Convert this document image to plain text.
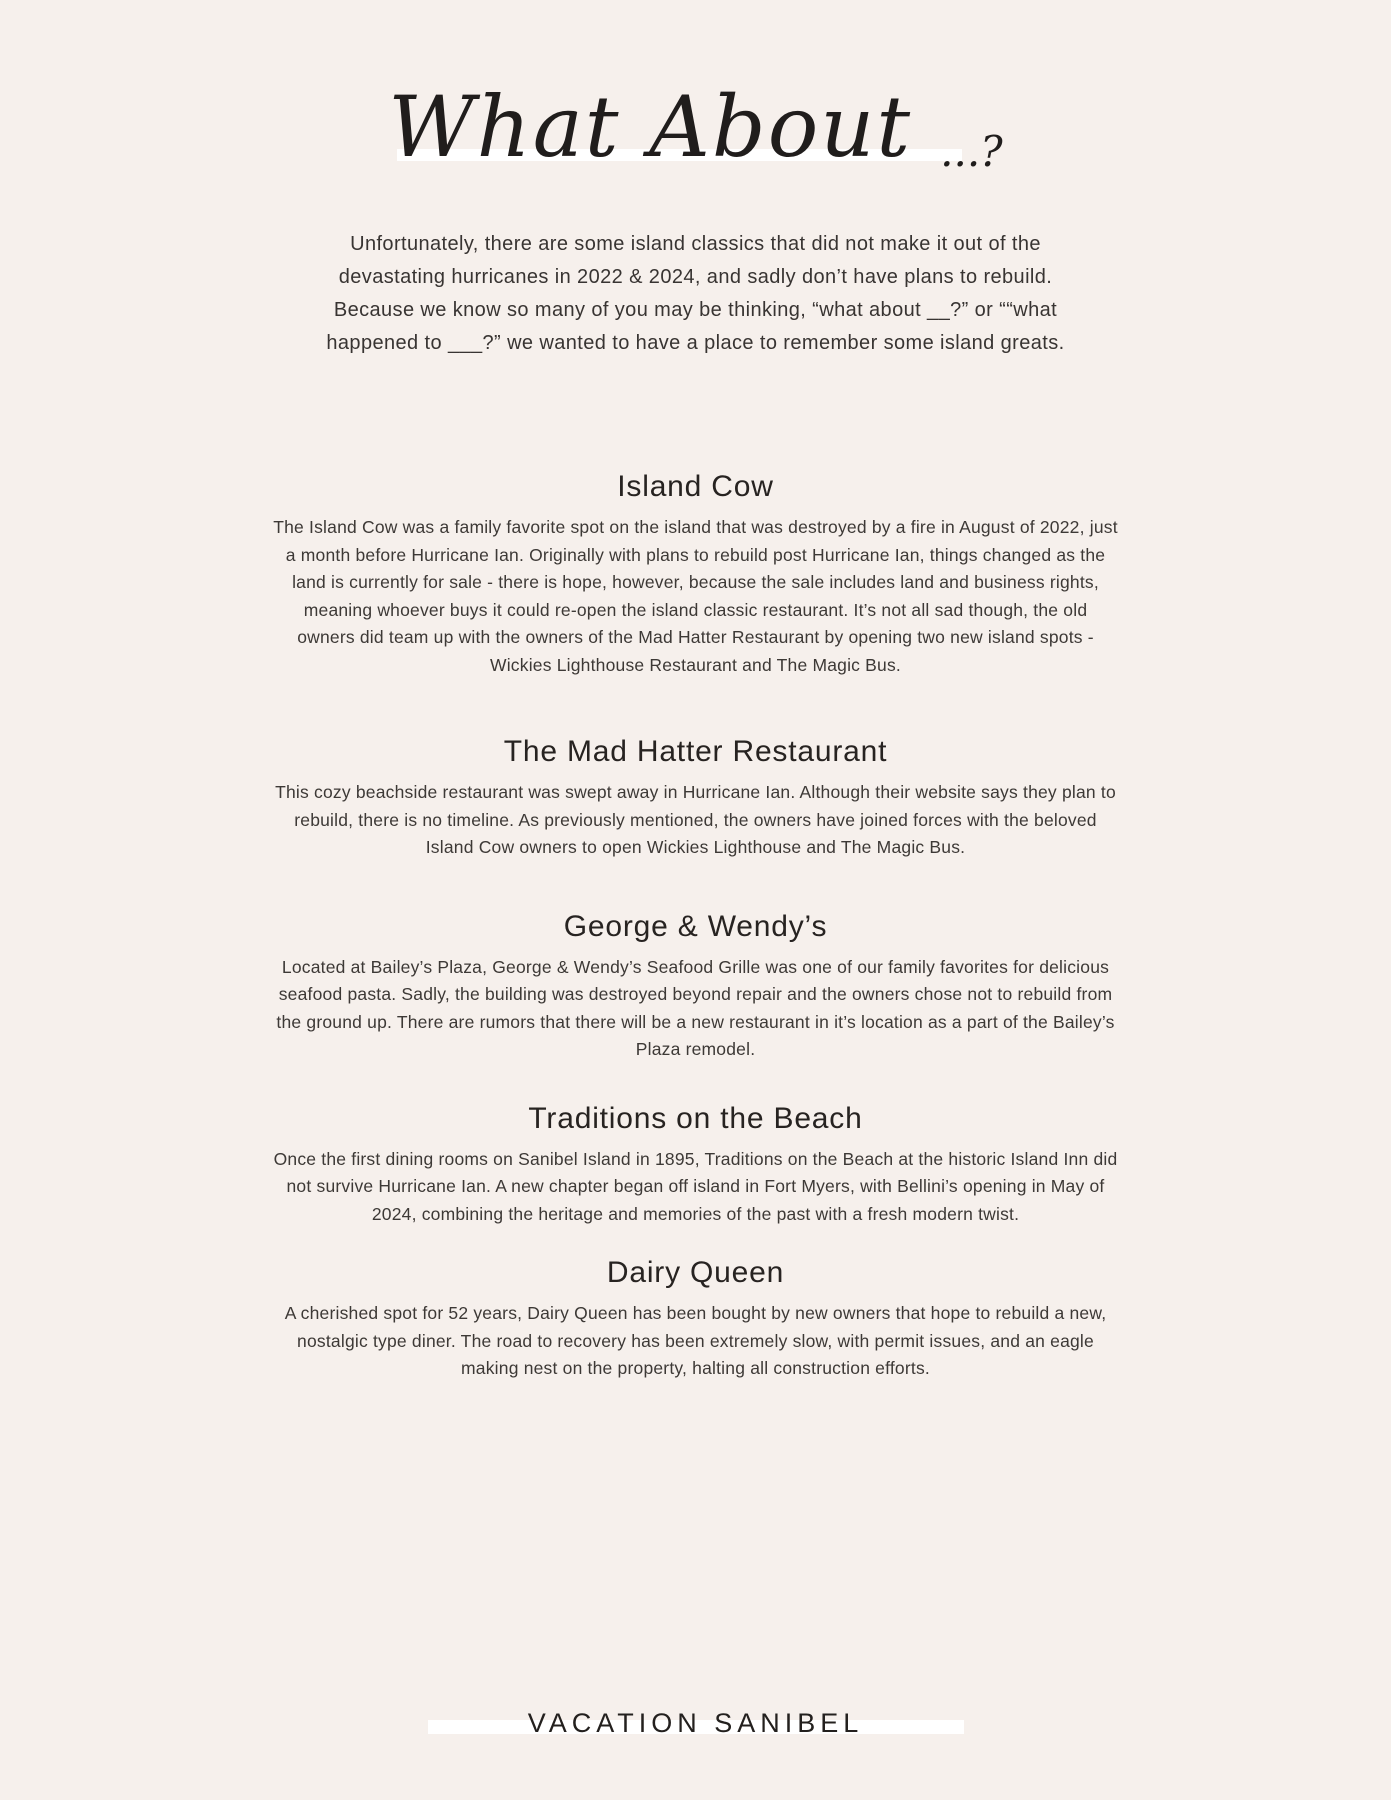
What About ...?

Unfortunately, there are some island classics that did not make it out of the devastating hurricanes in 2022 & 2024, and sadly don’t have plans to rebuild. Because we know so many of you may be thinking, “what about __?” or ““what happened to ___?” we wanted to have a place to remember some island greats.

Island Cow

The Island Cow was a family favorite spot on the island that was destroyed by a fire in August of 2022, just a month before Hurricane Ian. Originally with plans to rebuild post Hurricane Ian, things changed as the land is currently for sale - there is hope, however, because the sale includes land and business rights, meaning whoever buys it could re-open the island classic restaurant. It’s not all sad though, the old owners did team up with the owners of the Mad Hatter Restaurant by opening two new island spots - Wickies Lighthouse Restaurant and The Magic Bus.

The Mad Hatter Restaurant

This cozy beachside restaurant was swept away in Hurricane Ian. Although their website says they plan to rebuild, there is no timeline. As previously mentioned, the owners have joined forces with the beloved Island Cow owners to open Wickies Lighthouse and The Magic Bus.

George & Wendy’s

Located at Bailey’s Plaza, George & Wendy’s Seafood Grille was one of our family favorites for delicious seafood pasta. Sadly, the building was destroyed beyond repair and the owners chose not to rebuild from the ground up. There are rumors that there will be a new restaurant in it’s location as a part of the Bailey’s Plaza remodel.

Traditions on the Beach

Once the first dining rooms on Sanibel Island in 1895, Traditions on the Beach at the historic Island Inn did not survive Hurricane Ian. A new chapter began off island in Fort Myers, with Bellini’s opening in May of 2024, combining the heritage and memories of the past with a fresh modern twist.

Dairy Queen

A cherished spot for 52 years, Dairy Queen has been bought by new owners that hope to rebuild a new, nostalgic type diner. The road to recovery has been extremely slow, with permit issues, and an eagle making nest on the property, halting all construction efforts.

VACATION SANIBEL
